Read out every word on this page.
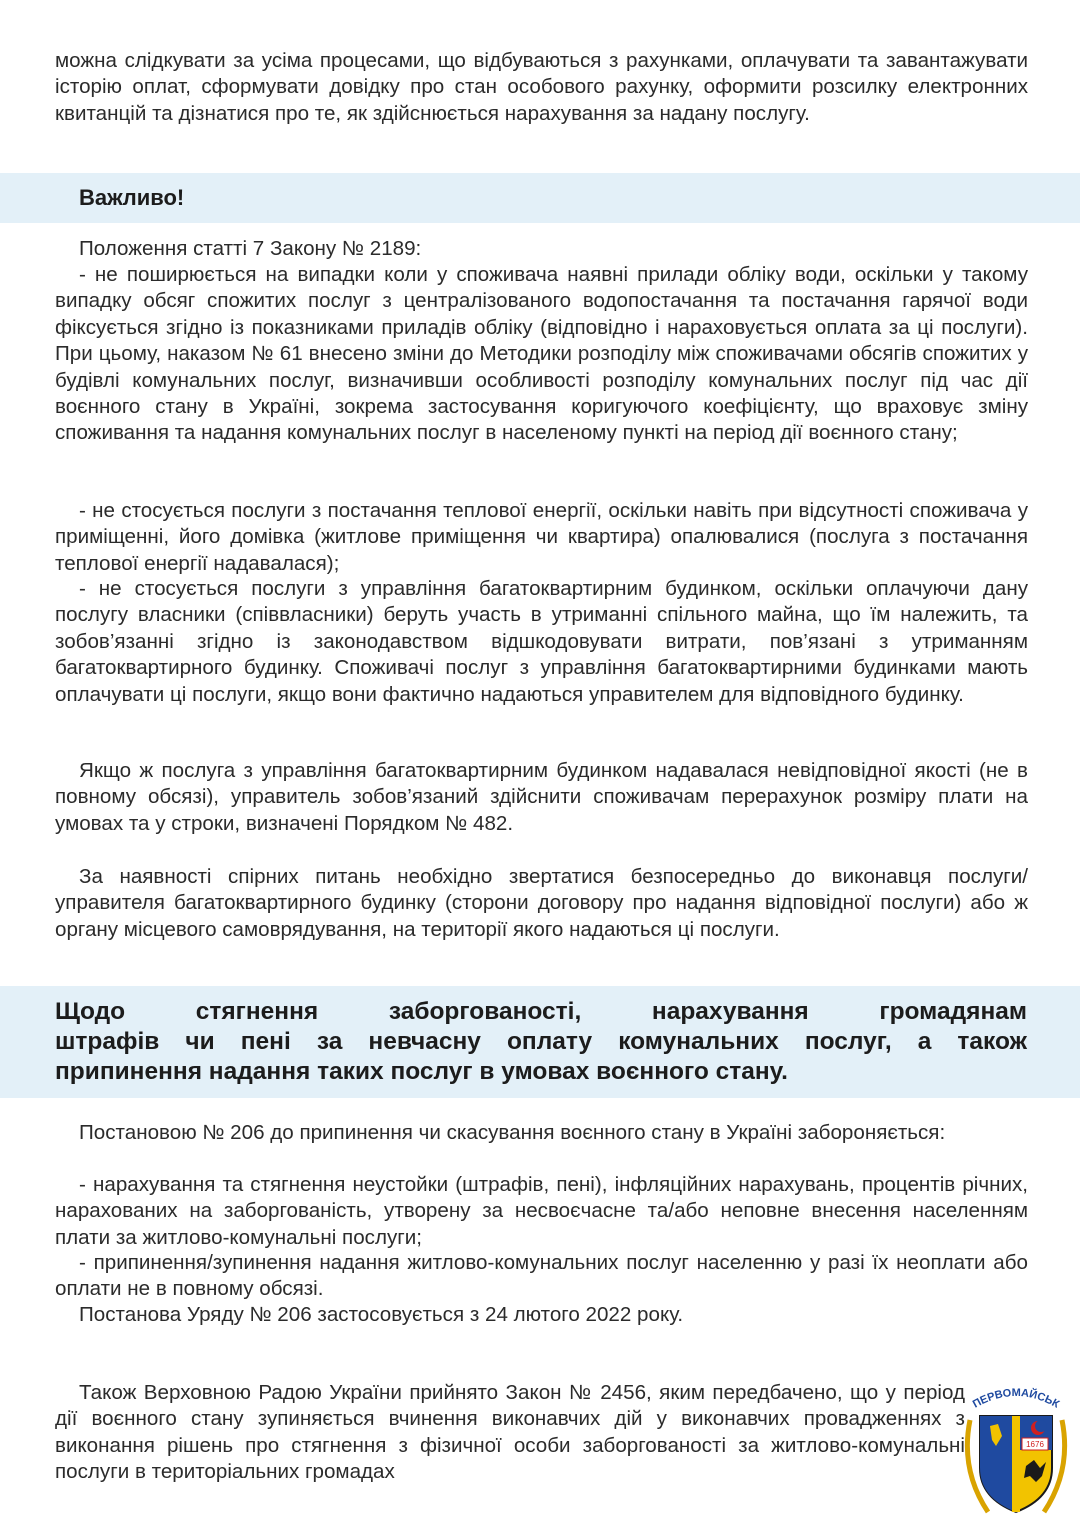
можна слідкувати за усіма процесами, що відбуваються з рахунками, оплачувати та завантажувати історію оплат, сформувати довідку про стан особового рахунку, оформити розсилку електронних квитанцій та дізнатися про те, як здійснюється нарахування за надану послугу.

Важливо!

Положення статті 7 Закону № 2189:

- не поширюється на випадки коли у споживача наявні прилади обліку води, оскільки у такому випадку обсяг спожитих послуг з централізованого водопостачання та постачання гарячої води фіксується згідно із показниками приладів обліку (відповідно і нараховується оплата за ці послуги). При цьому, наказом № 61 внесено зміни до Методики розподілу між споживачами обсягів спожитих у будівлі комунальних послуг, визначивши особливості розподілу комунальних послуг під час дії воєнного стану в Україні, зокрема застосування коригуючого коефіцієнту, що враховує зміну споживання та надання комунальних послуг в населеному пункті на період дії воєнного стану;

- не стосується послуги з постачання теплової енергії, оскільки навіть при відсутності споживача у приміщенні, його домівка (житлове приміщення чи квартира) опалювалися (послуга з постачання теплової енергії надавалася);

- не стосується послуги з управління багатоквартирним будинком, оскільки оплачуючи дану послугу власники (співвласники) беруть участь в утриманні спільного майна, що їм належить, та зобов’язанні згідно із законодавством відшкодовувати витрати, пов’язані з утриманням багатоквартирного будинку. Споживачі послуг з управління багатоквартирними будинками мають оплачувати ці послуги, якщо вони фактично надаються управителем для відповідного будинку.

Якщо ж послуга з управління багатоквартирним будинком надавалася невідповідної якості (не в повному обсязі), управитель зобов’язаний здійснити споживачам перерахунок розміру плати на умовах та у строки, визначені Порядком № 482.

За наявності спірних питань необхідно звертатися безпосередньо до виконавця послуги/управителя багатоквартирного будинку (сторони договору про надання відповідної послуги) або ж органу місцевого самоврядування, на території якого надаються ці послуги.

Щодо стягнення заборгованості, нарахування громадянам
штрафів чи пені за невчасну оплату комунальних послуг, а також
припинення надання таких послуг в умовах воєнного стану.

Постановою № 206 до припинення чи скасування воєнного стану в Україні забороняється:

- нарахування та стягнення неустойки (штрафів, пені), інфляційних нарахувань, процентів річних, нарахованих на заборгованість, утворену за несвоєчасне та/або неповне внесення населенням плати за житлово-комунальні послуги;

- припинення/зупинення надання житлово-комунальних послуг населенню у разі їх неоплати або оплати не в повному обсязі.

Постанова Уряду № 206 застосовується з 24 лютого 2022 року.

Також Верховною Радою України прийнято Закон № 2456, яким передбачено, що у період дії воєнного стану зупиняється вчинення виконавчих дій у виконавчих провадженнях з виконання рішень про стягнення з фізичної особи заборгованості за житлово-комунальні послуги в територіальних громадах

ПЕРВОМАЙСЬК
1676
